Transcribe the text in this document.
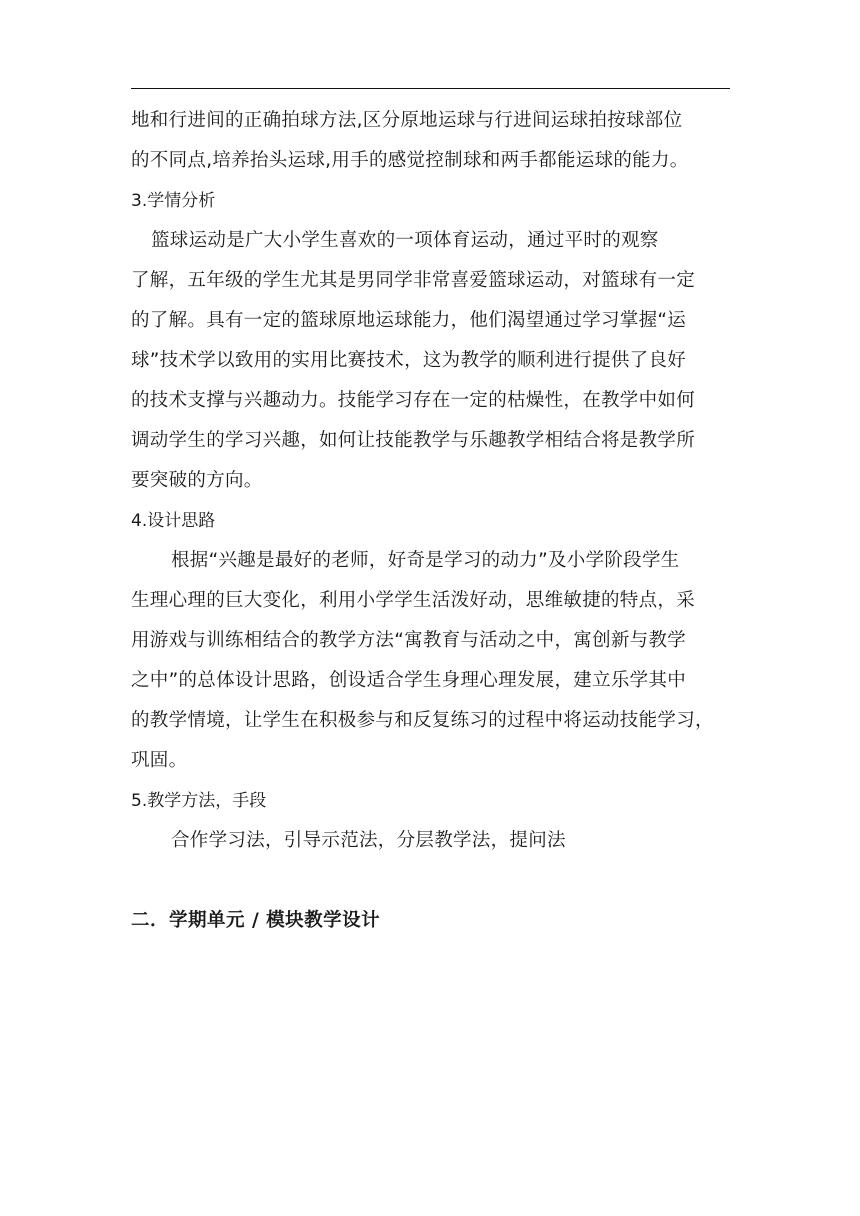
地和行进间的正确拍球方法,区分原地运球与行进间运球拍按球部位
的不同点,培养抬头运球,用手的感觉控制球和两手都能运球的能力。
3.学情分析
篮球运动是广大小学生喜欢的一项体育运动，通过平时的观察
了解，五年级的学生尤其是男同学非常喜爱篮球运动，对篮球有一定
的了解。具有一定的篮球原地运球能力，他们渴望通过学习掌握“运
球”技术学以致用的实用比赛技术，这为教学的顺利进行提供了良好
的技术支撑与兴趣动力。技能学习存在一定的枯燥性，在教学中如何
调动学生的学习兴趣，如何让技能教学与乐趣教学相结合将是教学所
要突破的方向。
4.设计思路
根据“兴趣是最好的老师，好奇是学习的动力”及小学阶段学生
生理心理的巨大变化，利用小学学生活泼好动，思维敏捷的特点，采
用游戏与训练相结合的教学方法“寓教育与活动之中，寓创新与教学
之中”的总体设计思路，创设适合学生身理心理发展，建立乐学其中
的教学情境，让学生在积极参与和反复练习的过程中将运动技能学习，
巩固。
5.教学方法，手段
合作学习法，引导示范法，分层教学法，提问法
二．学期单元 / 模块教学设计
